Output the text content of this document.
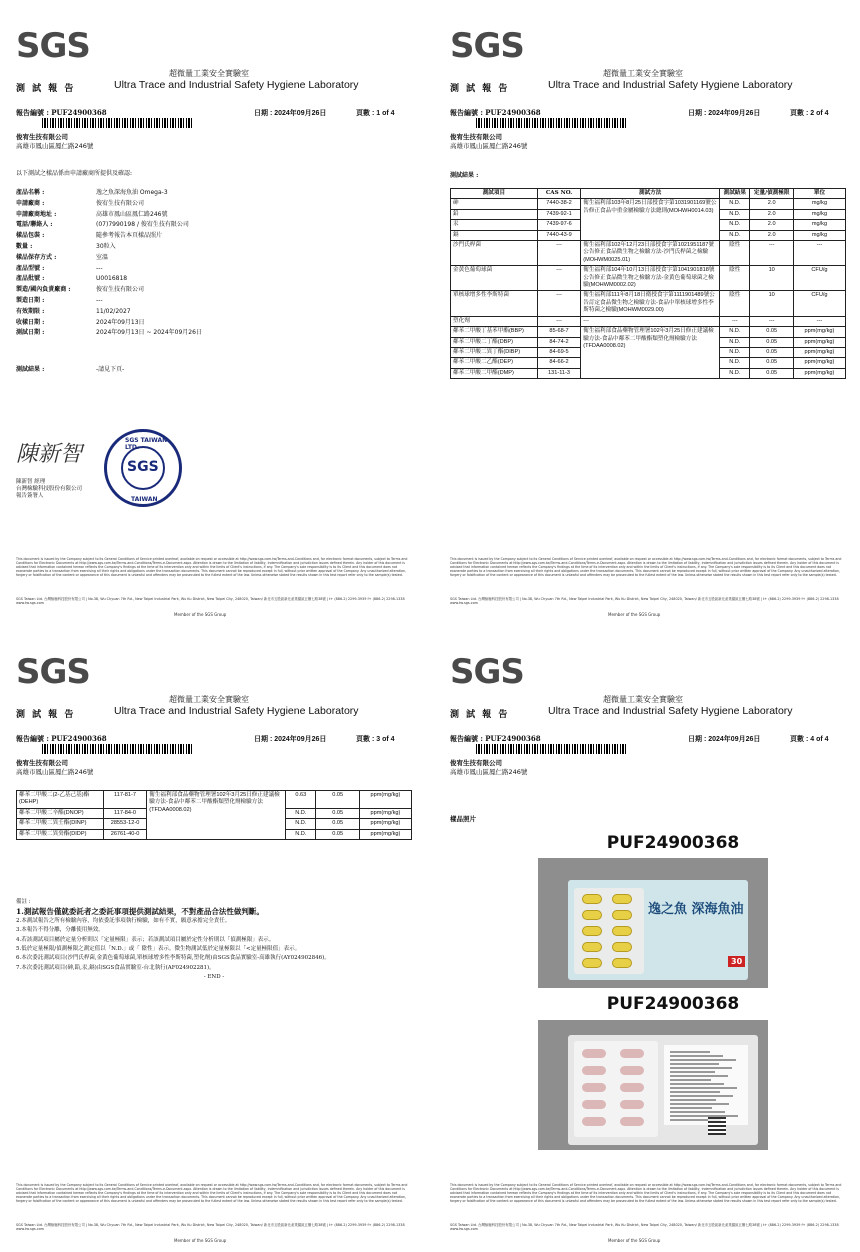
SGS
超微量工業安全實驗室
測 試 報 告	Ultra Trace and Industrial Safety Hygiene Laboratory
報告編號 : PUF24900368	日期 : 2024年09月26日	頁數 : 1 of 4
俊宥生技有限公司
高雄市鳳山區鳳仁路246號
以下測試之樣品係由申請廠商所提供及確認:
產品名稱 :	逸之魚深海魚油 Omega-3
申請廠商 :	俊宥生技有限公司
申請廠商地址 :	高雄市鳳山區鳳仁路246號
電話/聯絡人 :	(07)7990198 / 俊宥生技有限公司
樣品包裝 :	隨參考報告本頁樣品照片
數量 :	30粒入
樣品保存方式 :	室溫
產品型號 :	---
產品批號 :	U0016818
製造/國內負責廠商 :	俊宥生技有限公司
製造日期 :	---
有效期限 :	11/02/2027
收樣日期 :	2024年09月13日
測試日期 :	2024年09月13日 ~ 2024年09月26日
測試結果 :	-請見下頁-
陳新智
SGS TAIWAN LTD.
SGS
TAIWAN
陳新智 經理
台灣檢驗科技股份有限公司
報告簽署人
This document is issued by the Company subject to its General Conditions of Service printed overleaf, available on request or accessible at http://www.sgs.com.tw/Terms-and-Conditions and, for electronic format documents, subject to Terms and Conditions for Electronic Documents at http://www.sgs.com.tw/Terms-and-Conditions/Terms-e-Document.aspx. Attention is drawn to the limitation of liability, indemnification and jurisdiction issues defined therein. Any holder of this document is advised that information contained hereon reflects the Company's findings at the time of its intervention only and within the limits of Client's instructions, if any. The Company's sole responsibility is to its Client and this document does not exonerate parties to a transaction from exercising all their rights and obligations under the transaction documents. This document cannot be reproduced except in full, without prior written approval of the Company. Any unauthorized alteration, forgery or falsification of the content or appearance of this document is unlawful and offenders may be prosecuted to the fullest extent of the law. Unless otherwise stated the results shown in this test report refer only to the sample(s) tested.
SGS Taiwan Ltd. 台灣檢驗科技股份有限公司 | No.38, Wu Chyuan 7th Rd., New Taipei Industrial Park, Wu Ku District, New Taipei City, 248020, Taiwan/ 新北市五股區新北產業園區五權七路38號 | t+ (886-2) 2299-3939 f+ (886-2) 2298-1338 www.tw.sgs.com
Member of the SGS Group
SGS
超微量工業安全實驗室
測 試 報 告	Ultra Trace and Industrial Safety Hygiene Laboratory
報告編號 : PUF24900368	日期 : 2024年09月26日	頁數 : 2 of 4
俊宥生技有限公司
高雄市鳳山區鳳仁路246號
測試結果 :
測試項目	CAS NO.	測試方法	測試結果	定量/偵測極限	單位
砷	7440-38-2	衛生福利部103年8月25日部授食字第1031901169號公告修正食品中重金屬檢驗方法總則(MOHWH0014.03)	N.D.	2.0	mg/kg
鉛	7439-92-1		N.D.	2.0	mg/kg
汞	7439-97-6		N.D.	2.0	mg/kg
鎘	7440-43-9		N.D.	2.0	mg/kg
沙門氏桿菌	---	衛生福利部102年12月23日部授食字第1021951187號公告修正食品微生物之檢驗方法-沙門氏桿菌之檢驗(MOHWM0025.01)	陰性	---	---
金黃色葡萄球菌	---	衛生福利部104年10月13日部授食字第1041901818號公告修正食品微生物之檢驗方法-金黃色葡萄球菌之檢驗(MOHWM0002.02)	陰性	10	CFU/g
單核球增多性李斯特菌	---	衛生福利部111年8月18日衛授食字第1111901489號公告訂定食品微生物之檢驗方法-食品中單核球增多性李斯特菌之檢驗(MOHWM0029.00)	陰性	10	CFU/g
塑化劑	---	---	---	---	---
鄰苯二甲酸丁基苯甲酯(BBP)	85-68-7	衛生福利部食品藥物管理署102年3月25日修正建議檢驗方法-食品中鄰苯二甲酸酯類塑化劑檢驗方法(TFDAA0008.02)	N.D.	0.05	ppm(mg/kg)
鄰苯二甲酸二丁酯(DBP)	84-74-2		N.D.	0.05	ppm(mg/kg)
鄰苯二甲酸二異丁酯(DIBP)	84-69-5		N.D.	0.05	ppm(mg/kg)
鄰苯二甲酸二乙酯(DEP)	84-66-2		N.D.	0.05	ppm(mg/kg)
鄰苯二甲酸二甲酯(DMP)	131-11-3		N.D.	0.05	ppm(mg/kg)
This document is issued by the Company subject to its General Conditions of Service printed overleaf, available on request or accessible at http://www.sgs.com.tw/Terms-and-Conditions and, for electronic format documents, subject to Terms and Conditions for Electronic Documents at http://www.sgs.com.tw/Terms-and-Conditions/Terms-e-Document.aspx. Attention is drawn to the limitation of liability, indemnification and jurisdiction issues defined therein. Any holder of this document is advised that information contained hereon reflects the Company's findings at the time of its intervention only and within the limits of Client's instructions, if any. The Company's sole responsibility is to its Client and this document does not exonerate parties to a transaction from exercising all their rights and obligations under the transaction documents. This document cannot be reproduced except in full, without prior written approval of the Company. Any unauthorized alteration, forgery or falsification of the content or appearance of this document is unlawful and offenders may be prosecuted to the fullest extent of the law. Unless otherwise stated the results shown in this test report refer only to the sample(s) tested.
SGS Taiwan Ltd. 台灣檢驗科技股份有限公司 | No.38, Wu Chyuan 7th Rd., New Taipei Industrial Park, Wu Ku District, New Taipei City, 248020, Taiwan/ 新北市五股區新北產業園區五權七路38號 | t+ (886-2) 2299-3939 f+ (886-2) 2298-1338 www.tw.sgs.com
Member of the SGS Group
SGS
超微量工業安全實驗室
測 試 報 告	Ultra Trace and Industrial Safety Hygiene Laboratory
報告編號 : PUF24900368	日期 : 2024年09月26日	頁數 : 3 of 4
俊宥生技有限公司
高雄市鳳山區鳳仁路246號
鄰苯二甲酸二(2-乙基己基)酯(DEHP)	117-81-7	衛生福利部食品藥物管理署102年3月25日修正建議檢驗方法-食品中鄰苯二甲酸酯類塑化劑檢驗方法(TFDAA0008.02)	0.63	0.05	ppm(mg/kg)
鄰苯二甲酸二辛酯(DNOP)	117-84-0		N.D.	0.05	ppm(mg/kg)
鄰苯二甲酸二異壬酯(DINP)	28553-12-0		N.D.	0.05	ppm(mg/kg)
鄰苯二甲酸二異癸酯(DIDP)	26761-40-0		N.D.	0.05	ppm(mg/kg)
備註 :
1.測試報告僅就委託者之委託事項提供測試結果，不對產品合法性做判斷。
2.本測試報告之所有檢驗內容，均依委託事項執行檢驗，如有不實，願意承擔完全責任。
3.本報告不得分離，分離使用無效。
4.若該測試項目屬於定量分析則以「定量極限」表示；若該測試項目屬於定性分析則以「偵測極限」表示。
5.低於定量極限/偵測極限之測定值以「N.D.」或「 陰性」表示。微生物測試低於定量極限以「<定量極限值」表示。
6.本次委託測試項目(沙門氏桿菌,金黃色葡萄球菌,單核球增多性李斯特菌,塑化劑)由SGS食品實驗室-高雄執行(AY024902846)。
7.本次委託測試項目(砷,鉛,汞,鎘)由SGS食品實驗室-台北執行(AF024902281)。
- END -
This document is issued by the Company subject to its General Conditions of Service printed overleaf, available on request or accessible at http://www.sgs.com.tw/Terms-and-Conditions and, for electronic format documents, subject to Terms and Conditions for Electronic Documents at http://www.sgs.com.tw/Terms-and-Conditions/Terms-e-Document.aspx. Attention is drawn to the limitation of liability, indemnification and jurisdiction issues defined therein. Any holder of this document is advised that information contained hereon reflects the Company's findings at the time of its intervention only and within the limits of Client's instructions, if any. The Company's sole responsibility is to its Client and this document does not exonerate parties to a transaction from exercising all their rights and obligations under the transaction documents. This document cannot be reproduced except in full, without prior written approval of the Company. Any unauthorized alteration, forgery or falsification of the content or appearance of this document is unlawful and offenders may be prosecuted to the fullest extent of the law. Unless otherwise stated the results shown in this test report refer only to the sample(s) tested.
SGS Taiwan Ltd. 台灣檢驗科技股份有限公司 | No.38, Wu Chyuan 7th Rd., New Taipei Industrial Park, Wu Ku District, New Taipei City, 248020, Taiwan/ 新北市五股區新北產業園區五權七路38號 | t+ (886-2) 2299-3939 f+ (886-2) 2298-1338 www.tw.sgs.com
Member of the SGS Group
SGS
超微量工業安全實驗室
測 試 報 告	Ultra Trace and Industrial Safety Hygiene Laboratory
報告編號 : PUF24900368	日期 : 2024年09月26日	頁數 : 4 of 4
俊宥生技有限公司
高雄市鳳山區鳳仁路246號
樣品照片
PUF24900368
逸之魚 深海魚油
30
PUF24900368
This document is issued by the Company subject to its General Conditions of Service printed overleaf, available on request or accessible at http://www.sgs.com.tw/Terms-and-Conditions and, for electronic format documents, subject to Terms and Conditions for Electronic Documents at http://www.sgs.com.tw/Terms-and-Conditions/Terms-e-Document.aspx. Attention is drawn to the limitation of liability, indemnification and jurisdiction issues defined therein. Any holder of this document is advised that information contained hereon reflects the Company's findings at the time of its intervention only and within the limits of Client's instructions, if any. The Company's sole responsibility is to its Client and this document does not exonerate parties to a transaction from exercising all their rights and obligations under the transaction documents. This document cannot be reproduced except in full, without prior written approval of the Company. Any unauthorized alteration, forgery or falsification of the content or appearance of this document is unlawful and offenders may be prosecuted to the fullest extent of the law. Unless otherwise stated the results shown in this test report refer only to the sample(s) tested.
SGS Taiwan Ltd. 台灣檢驗科技股份有限公司 | No.38, Wu Chyuan 7th Rd., New Taipei Industrial Park, Wu Ku District, New Taipei City, 248020, Taiwan/ 新北市五股區新北產業園區五權七路38號 | t+ (886-2) 2299-3939 f+ (886-2) 2298-1338 www.tw.sgs.com
Member of the SGS Group
